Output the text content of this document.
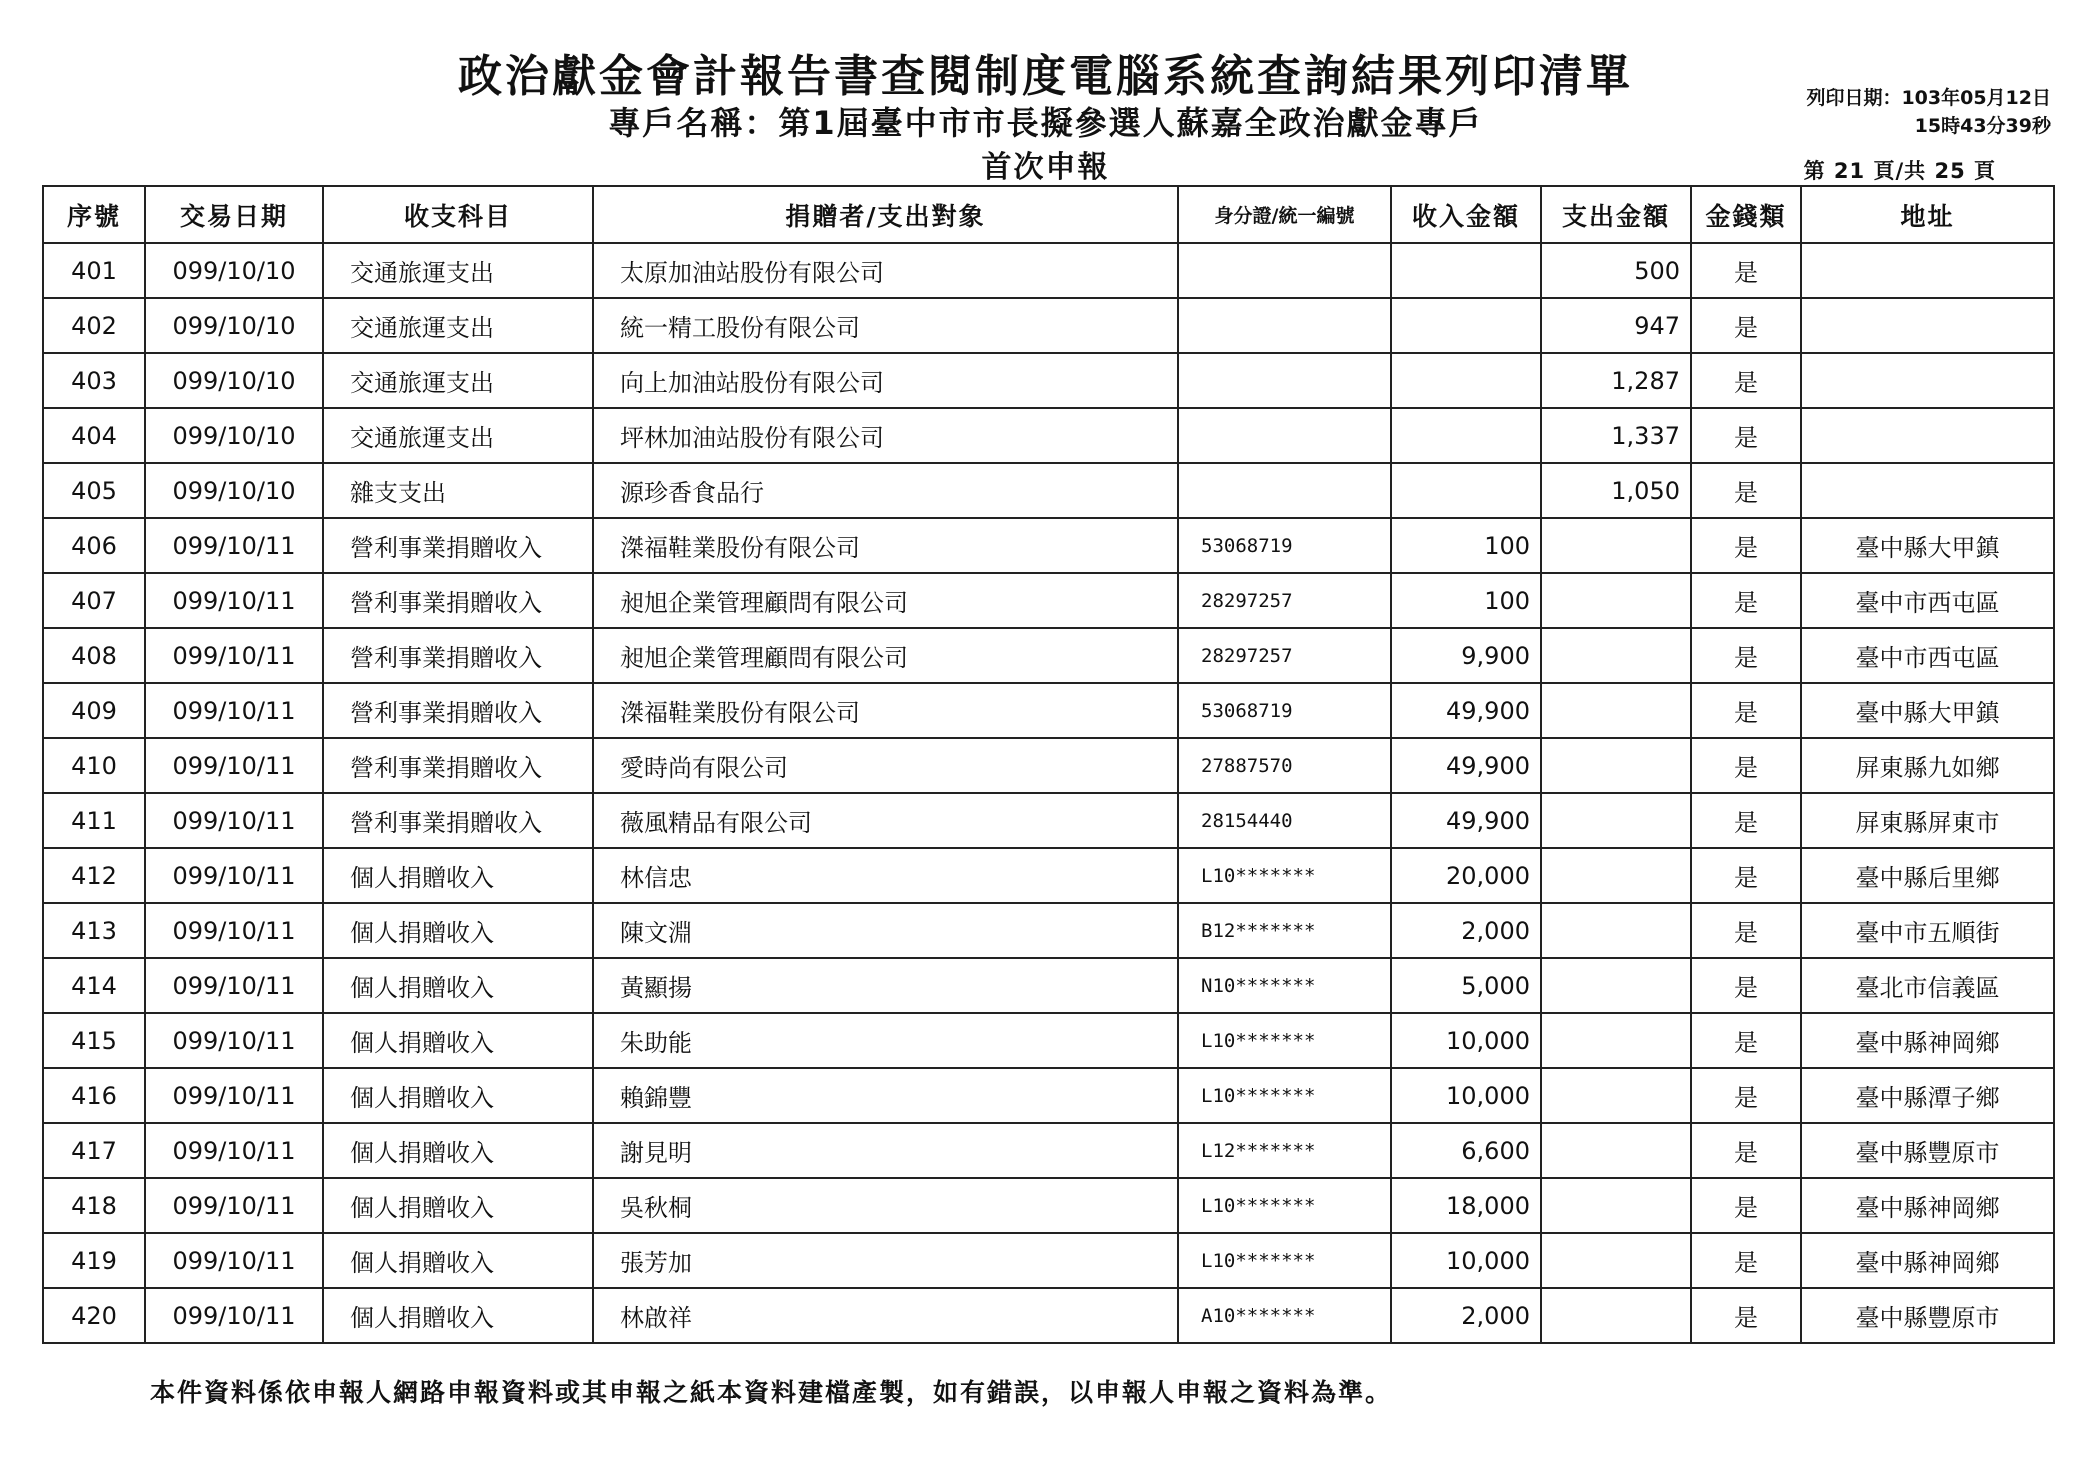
政治獻金會計報告書查閱制度電腦系統查詢結果列印清單
專戶名稱：第1屆臺中市市長擬參選人蘇嘉全政治獻金專戶
首次申報
列印日期：103年05月12日
15時43分39秒
第 21 頁/共 25 頁
序號	交易日期	收支科目	捐贈者/支出對象	身分證/統一編號	收入金額	支出金額	金錢類	地址
401	099/10/10	交通旅運支出	太原加油站股份有限公司			500	是	
402	099/10/10	交通旅運支出	統一精工股份有限公司			947	是	
403	099/10/10	交通旅運支出	向上加油站股份有限公司			1,287	是	
404	099/10/10	交通旅運支出	坪林加油站股份有限公司			1,337	是	
405	099/10/10	雜支支出	源珍香食品行			1,050	是	
406	099/10/11	營利事業捐贈收入	滐福鞋業股份有限公司	53068719	100		是	臺中縣大甲鎮
407	099/10/11	營利事業捐贈收入	昶旭企業管理顧問有限公司	28297257	100		是	臺中市西屯區
408	099/10/11	營利事業捐贈收入	昶旭企業管理顧問有限公司	28297257	9,900		是	臺中市西屯區
409	099/10/11	營利事業捐贈收入	滐福鞋業股份有限公司	53068719	49,900		是	臺中縣大甲鎮
410	099/10/11	營利事業捐贈收入	愛時尚有限公司	27887570	49,900		是	屏東縣九如鄉
411	099/10/11	營利事業捐贈收入	薇風精品有限公司	28154440	49,900		是	屏東縣屏東市
412	099/10/11	個人捐贈收入	林信忠	L10*******	20,000		是	臺中縣后里鄉
413	099/10/11	個人捐贈收入	陳文淵	B12*******	2,000		是	臺中市五順街
414	099/10/11	個人捐贈收入	黃顯揚	N10*******	5,000		是	臺北市信義區
415	099/10/11	個人捐贈收入	朱助能	L10*******	10,000		是	臺中縣神岡鄉
416	099/10/11	個人捐贈收入	賴錦豐	L10*******	10,000		是	臺中縣潭子鄉
417	099/10/11	個人捐贈收入	謝見明	L12*******	6,600		是	臺中縣豐原市
418	099/10/11	個人捐贈收入	吳秋桐	L10*******	18,000		是	臺中縣神岡鄉
419	099/10/11	個人捐贈收入	張芳加	L10*******	10,000		是	臺中縣神岡鄉
420	099/10/11	個人捐贈收入	林啟祥	A10*******	2,000		是	臺中縣豐原市
本件資料係依申報人網路申報資料或其申報之紙本資料建檔產製，如有錯誤，以申報人申報之資料為準。
